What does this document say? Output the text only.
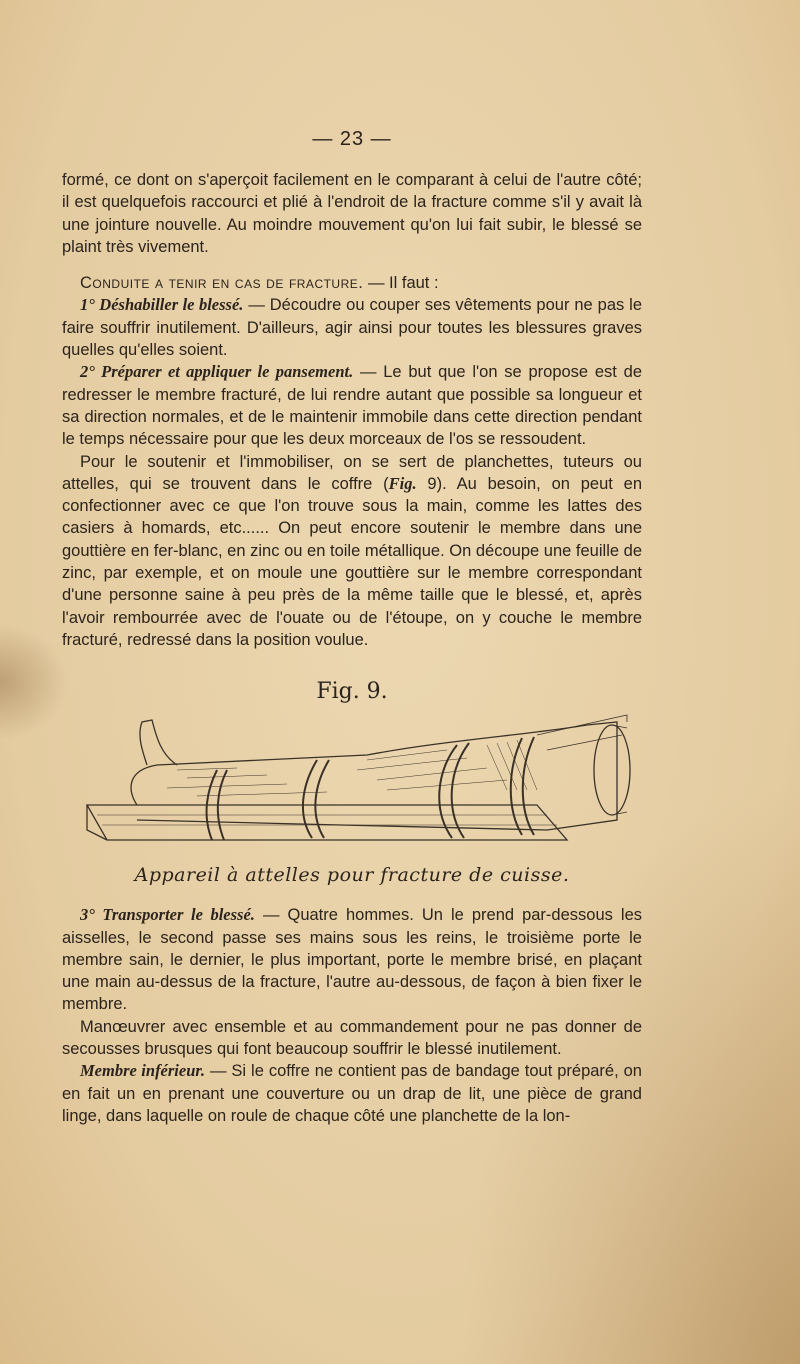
— 23 —

formé, ce dont on s'aperçoit facilement en le comparant à celui de l'autre côté; il est quelquefois raccourci et plié à l'endroit de la fracture comme s'il y avait là une jointure nouvelle. Au moindre mouvement qu'on lui fait subir, le blessé se plaint très vivement.

Conduite a tenir en cas de fracture. — Il faut :

1° Déshabiller le blessé. — Découdre ou couper ses vêtements pour ne pas le faire souffrir inutilement. D'ailleurs, agir ainsi pour toutes les blessures graves quelles qu'elles soient.

2° Préparer et appliquer le pansement. — Le but que l'on se propose est de redresser le membre fracturé, de lui rendre autant que possible sa longueur et sa direction normales, et de le maintenir immobile dans cette direction pendant le temps nécessaire pour que les deux morceaux de l'os se ressoudent.

Pour le soutenir et l'immobiliser, on se sert de planchettes, tuteurs ou attelles, qui se trouvent dans le coffre (Fig. 9). Au besoin, on peut en confectionner avec ce que l'on trouve sous la main, comme les lattes des casiers à homards, etc...... On peut encore soutenir le membre dans une gouttière en fer-blanc, en zinc ou en toile métallique. On découpe une feuille de zinc, par exemple, et on moule une gouttière sur le membre correspondant d'une personne saine à peu près de la même taille que le blessé, et, après l'avoir rembourrée avec de l'ouate ou de l'étoupe, on y couche le membre fracturé, redressé dans la position voulue.

Fig. 9.
Appareil à attelles pour fracture de cuisse.

3° Transporter le blessé. — Quatre hommes. Un le prend par-dessous les aisselles, le second passe ses mains sous les reins, le troisième porte le membre sain, le dernier, le plus important, porte le membre brisé, en plaçant une main au-dessus de la fracture, l'autre au-dessous, de façon à bien fixer le membre.

Manœuvrer avec ensemble et au commandement pour ne pas donner de secousses brusques qui font beaucoup souffrir le blessé inutilement.

Membre inférieur. — Si le coffre ne contient pas de bandage tout préparé, on en fait un en prenant une couverture ou un drap de lit, une pièce de grand linge, dans laquelle on roule de chaque côté une planchette de la lon-
